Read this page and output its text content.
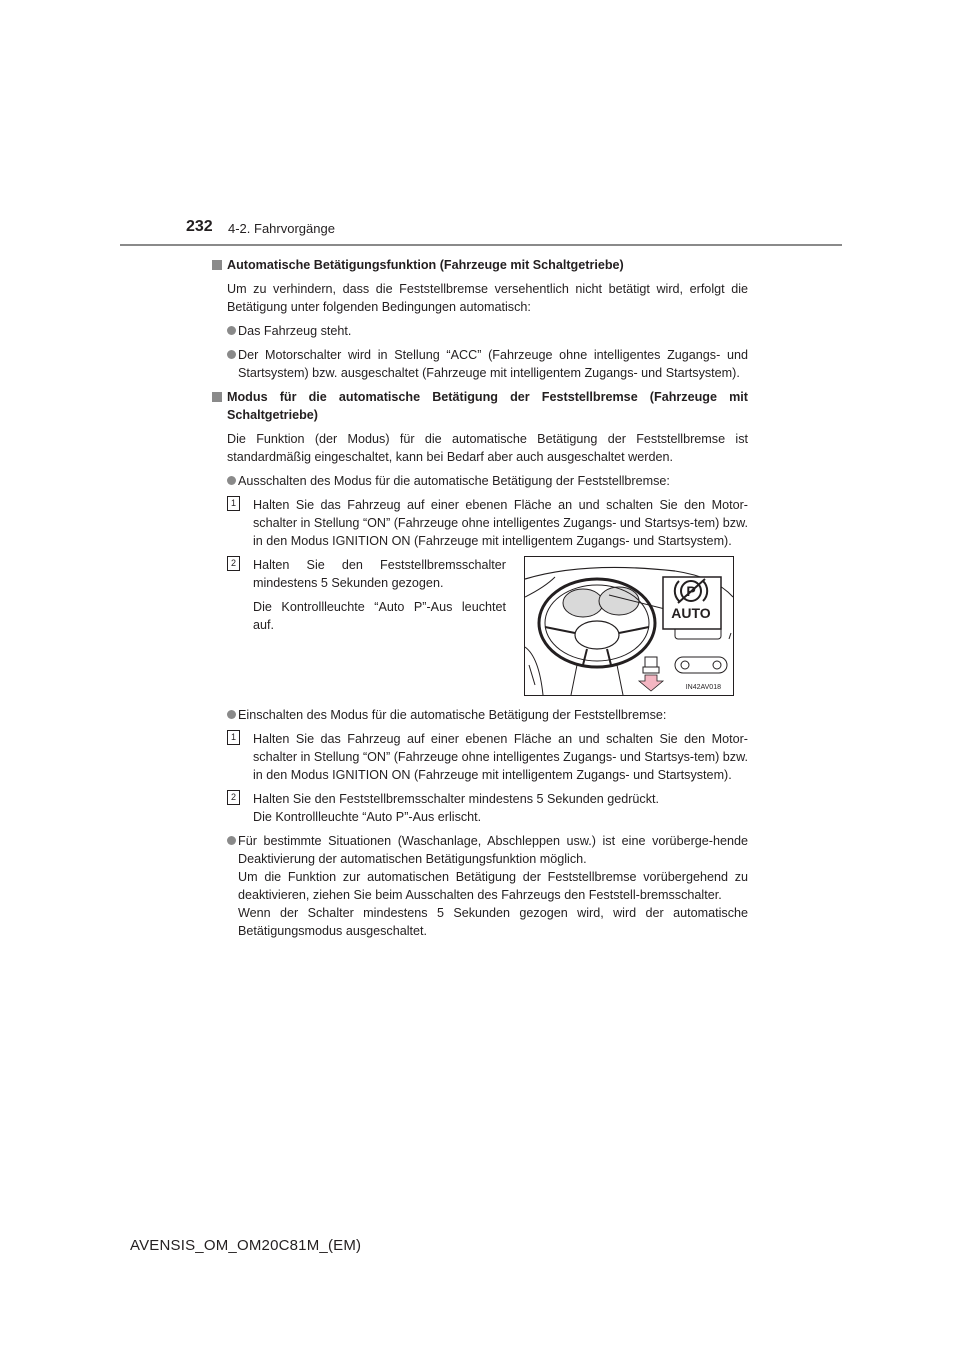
232 4-2. Fahrvorgänge
Automatische Betätigungsfunktion (Fahrzeuge mit Schaltgetriebe)
Um zu verhindern, dass die Feststellbremse versehentlich nicht betätigt wird, erfolgt die Betätigung unter folgenden Bedingungen automatisch:
Das Fahrzeug steht.
Der Motorschalter wird in Stellung “ACC” (Fahrzeuge ohne intelligentes Zugangs- und Startsystem) bzw. ausgeschaltet (Fahrzeuge mit intelligentem Zugangs- und Startsystem).
Modus für die automatische Betätigung der Feststellbremse (Fahrzeuge mit Schaltgetriebe)
Die Funktion (der Modus) für die automatische Betätigung der Feststellbremse ist standardmäßig eingeschaltet, kann bei Bedarf aber auch ausgeschaltet werden.
Ausschalten des Modus für die automatische Betätigung der Feststellbremse:
1	Halten Sie das Fahrzeug auf einer ebenen Fläche an und schalten Sie den Motor-schalter in Stellung “ON” (Fahrzeuge ohne intelligentes Zugangs- und Startsys-tem) bzw. in den Modus IGNITION ON (Fahrzeuge mit intelligentem Zugangs- und Startsystem).
2	Halten Sie den Feststellbremsschalter mindestens 5 Sekunden gezogen.
Die Kontrollleuchte “Auto P”-Aus leuchtet auf.
P
AUTO
IN42AV018
Einschalten des Modus für die automatische Betätigung der Feststellbremse:
1	Halten Sie das Fahrzeug auf einer ebenen Fläche an und schalten Sie den Motor-schalter in Stellung “ON” (Fahrzeuge ohne intelligentes Zugangs- und Startsys-tem) bzw. in den Modus IGNITION ON (Fahrzeuge mit intelligentem Zugangs- und Startsystem).
2	Halten Sie den Feststellbremsschalter mindestens 5 Sekunden gedrückt.
Die Kontrollleuchte “Auto P”-Aus erlischt.
Für bestimmte Situationen (Waschanlage, Abschleppen usw.) ist eine vorüberge-hende Deaktivierung der automatischen Betätigungsfunktion möglich.
Um die Funktion zur automatischen Betätigung der Feststellbremse vorübergehend zu deaktivieren, ziehen Sie beim Ausschalten des Fahrzeugs den Feststell-bremsschalter.
Wenn der Schalter mindestens 5 Sekunden gezogen wird, wird der automatische Betätigungsmodus ausgeschaltet.
AVENSIS_OM_OM20C81M_(EM)
